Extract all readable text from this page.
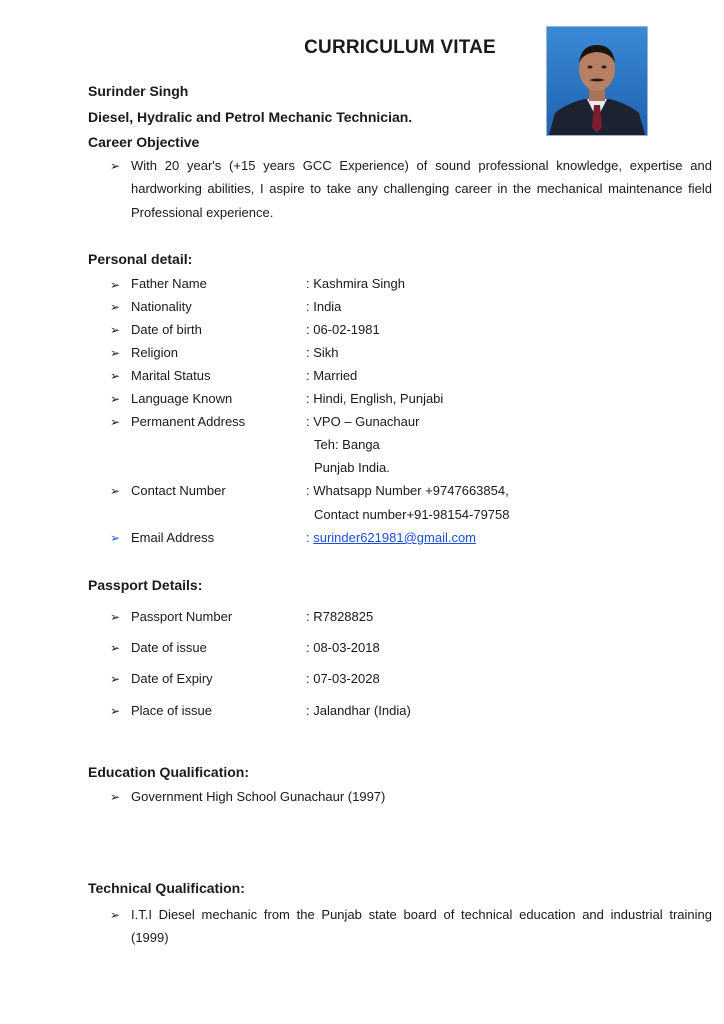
CURRICULUM VITAE
Surinder Singh
Diesel, Hydralic and Petrol Mechanic Technician.
Career Objective
➢ With 20 year's (+15 years GCC Experience) of sound professional knowledge, expertise and
hardworking abilities, I aspire to take any challenging career in the mechanical maintenance field
Professional experience.
Personal detail:
➢ Father Name	: Kashmira Singh
➢ Nationality	: India
➢ Date of birth	: 06-02-1981
➢ Religion	: Sikh
➢ Marital Status	: Married
➢ Language Known	: Hindi, English, Punjabi
➢ Permanent Address	: VPO – Gunachaur
Teh: Banga
Punjab India.
➢ Contact Number	: Whatsapp Number +9747663854,
Contact number+91-98154-79758
➢ Email Address	: surinder621981@gmail.com
Passport Details:
➢ Passport Number	: R7828825
➢ Date of issue	: 08-03-2018
➢ Date of Expiry	: 07-03-2028
➢ Place of issue	: Jalandhar (India)
Education Qualification:
➢ Government High School Gunachaur (1997)
Technical Qualification:
➢ I.T.I Diesel mechanic from the Punjab state board of technical education and industrial training
(1999)
